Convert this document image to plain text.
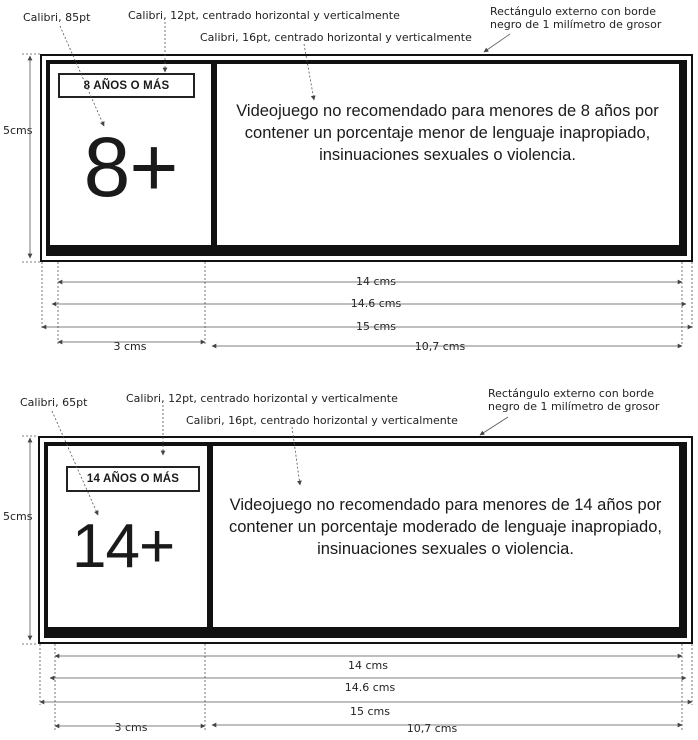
Calibri, 85pt	Calibri, 12pt, centrado horizontal y verticalmente
Calibri, 16pt, centrado horizontal y verticalmente
Rectángulo externo con borde negro de 1 milímetro de grosor
5cms
8 AÑOS O MÁS
8+
Videojuego no recomendado para menores de 8 años por contener un porcentaje menor de lenguaje inapropiado, insinuaciones sexuales o violencia.
14 cms
14.6 cms
15 cms
3 cms	10,7 cms
Calibri, 65pt	Calibri, 12pt, centrado horizontal y verticalmente
Calibri, 16pt, centrado horizontal y verticalmente
Rectángulo externo con borde negro de 1 milímetro de grosor
5cms
14 AÑOS O MÁS
14+
Videojuego no recomendado para menores de 14 años por contener un porcentaje moderado de lenguaje inapropiado, insinuaciones sexuales o violencia.
14 cms
14.6 cms
15 cms
3 cms	10,7 cms
